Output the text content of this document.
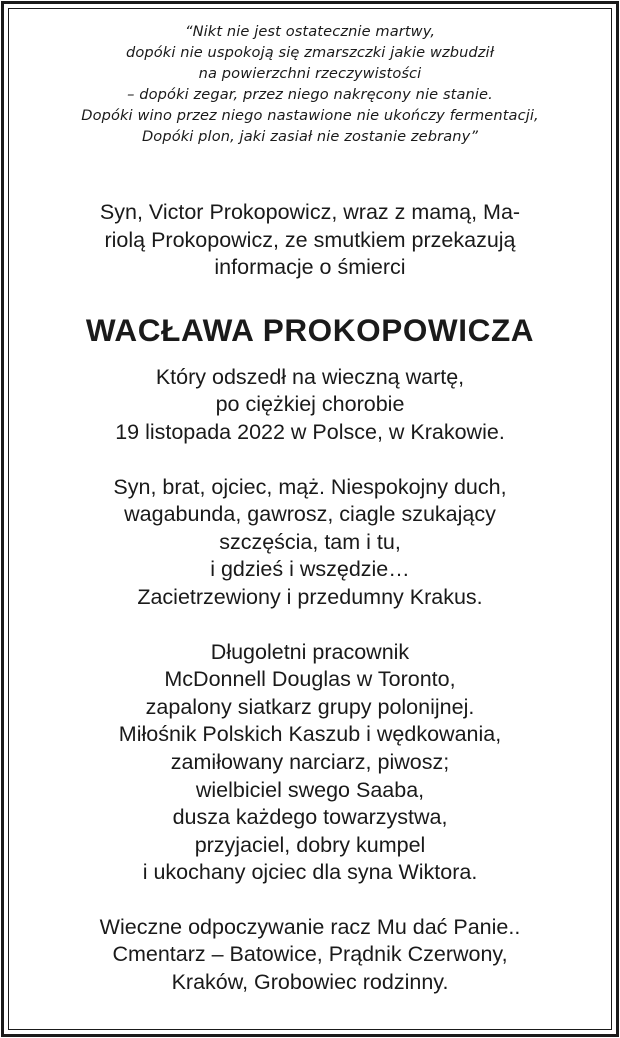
“Nikt nie jest ostatecznie martwy,
dopóki nie uspokoją się zmarszczki jakie wzbudził
na powierzchni rzeczywistości
– dopóki zegar, przez niego nakręcony nie stanie.
Dopóki wino przez niego nastawione nie ukończy fermentacji,
Dopóki plon, jaki zasiał nie zostanie zebrany”
Syn, Victor Prokopowicz, wraz z mamą, Ma-
riolą Prokopowicz, ze smutkiem przekazują
informacje o śmierci
WACŁAWA PROKOPOWICZA
Który odszedł na wieczną wartę,
po ciężkiej chorobie
19 listopada 2022 w Polsce, w Krakowie.
Syn, brat, ojciec, mąż. Niespokojny duch,
wagabunda, gawrosz, ciagle szukający
szczęścia, tam i tu,
i gdzieś i wszędzie…
Zacietrzewiony i przedumny Krakus.
Długoletni pracownik
McDonnell Douglas w Toronto,
zapalony siatkarz grupy polonijnej.
Miłośnik Polskich Kaszub i wędkowania,
zamiłowany narciarz, piwosz;
wielbiciel swego Saaba,
dusza każdego towarzystwa,
przyjaciel, dobry kumpel
i ukochany ojciec dla syna Wiktora.
Wieczne odpoczywanie racz Mu dać Panie..
Cmentarz – Batowice, Prądnik Czerwony,
Kraków, Grobowiec rodzinny.
